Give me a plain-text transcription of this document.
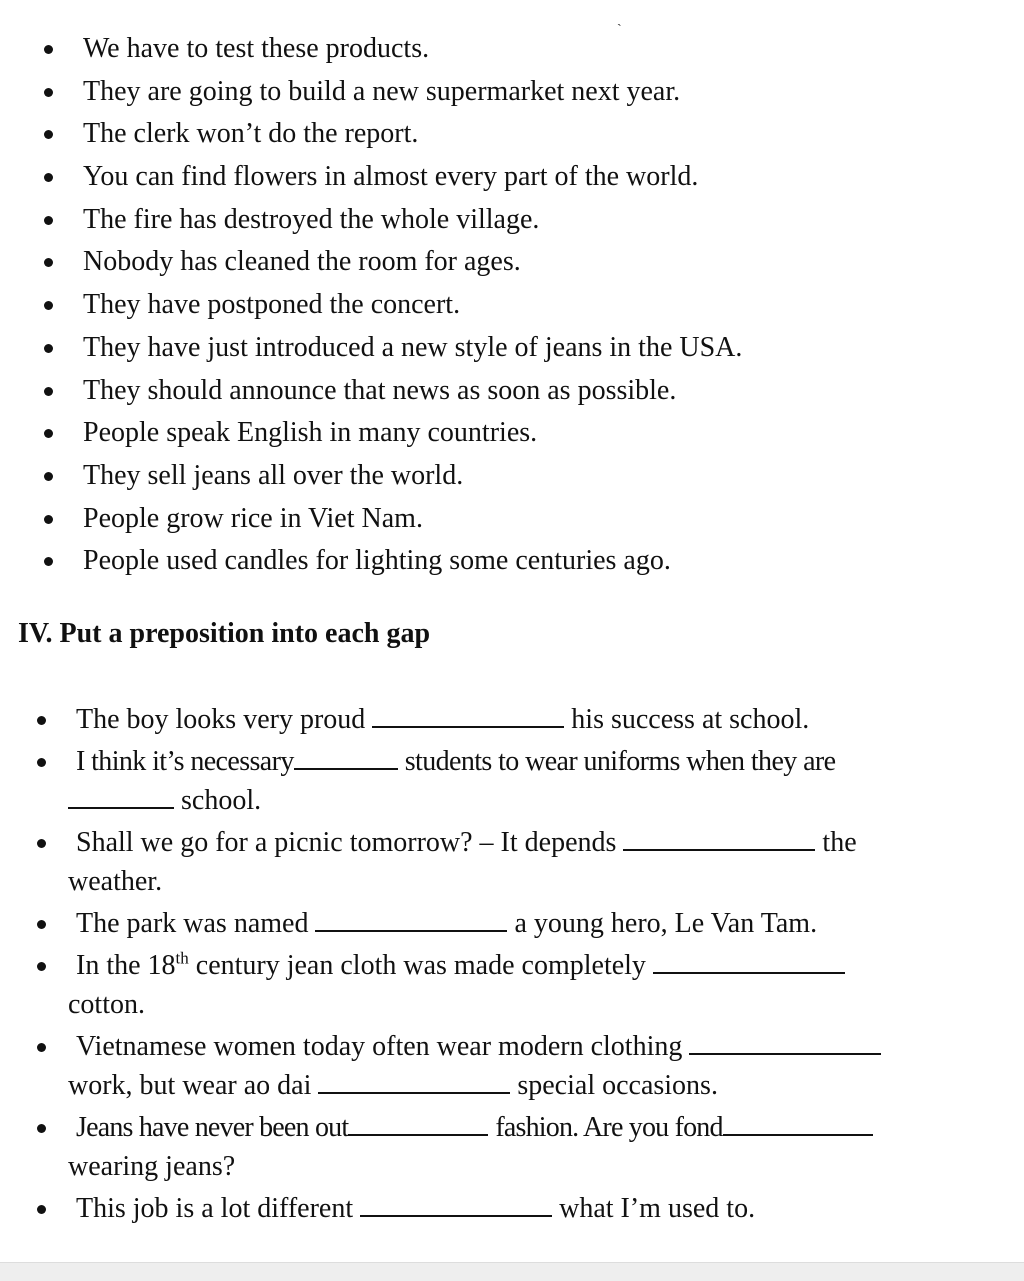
ˏ
We have to test these products.
They are going to build a new supermarket next year.
The clerk won’t do the report.
You can find flowers in almost every part of the world.
The fire has destroyed the whole village.
Nobody has cleaned the room for ages.
They have postponed the concert.
They have just introduced a new style of jeans in the USA.
They should announce that news as soon as possible.
People speak English in many countries.
They sell jeans all over the world.
People grow rice in Viet Nam.
People used candles for lighting some centuries ago.
IV. Put a preposition into each gap
The boy looks very proud	his success at school.
I think it’s necessary	students to wear uniforms when they are
school.
Shall we go for a picnic tomorrow? – It depends	the
weather.
The park was named	a young hero, Le Van Tam.
In the 18th century jean cloth was made completely
cotton.
Vietnamese women today often wear modern clothing
work, but wear ao dai	special occasions.
Jeans have never been out	fashion. Are you fond
wearing jeans?
This job is a lot different	what I’m used to.
